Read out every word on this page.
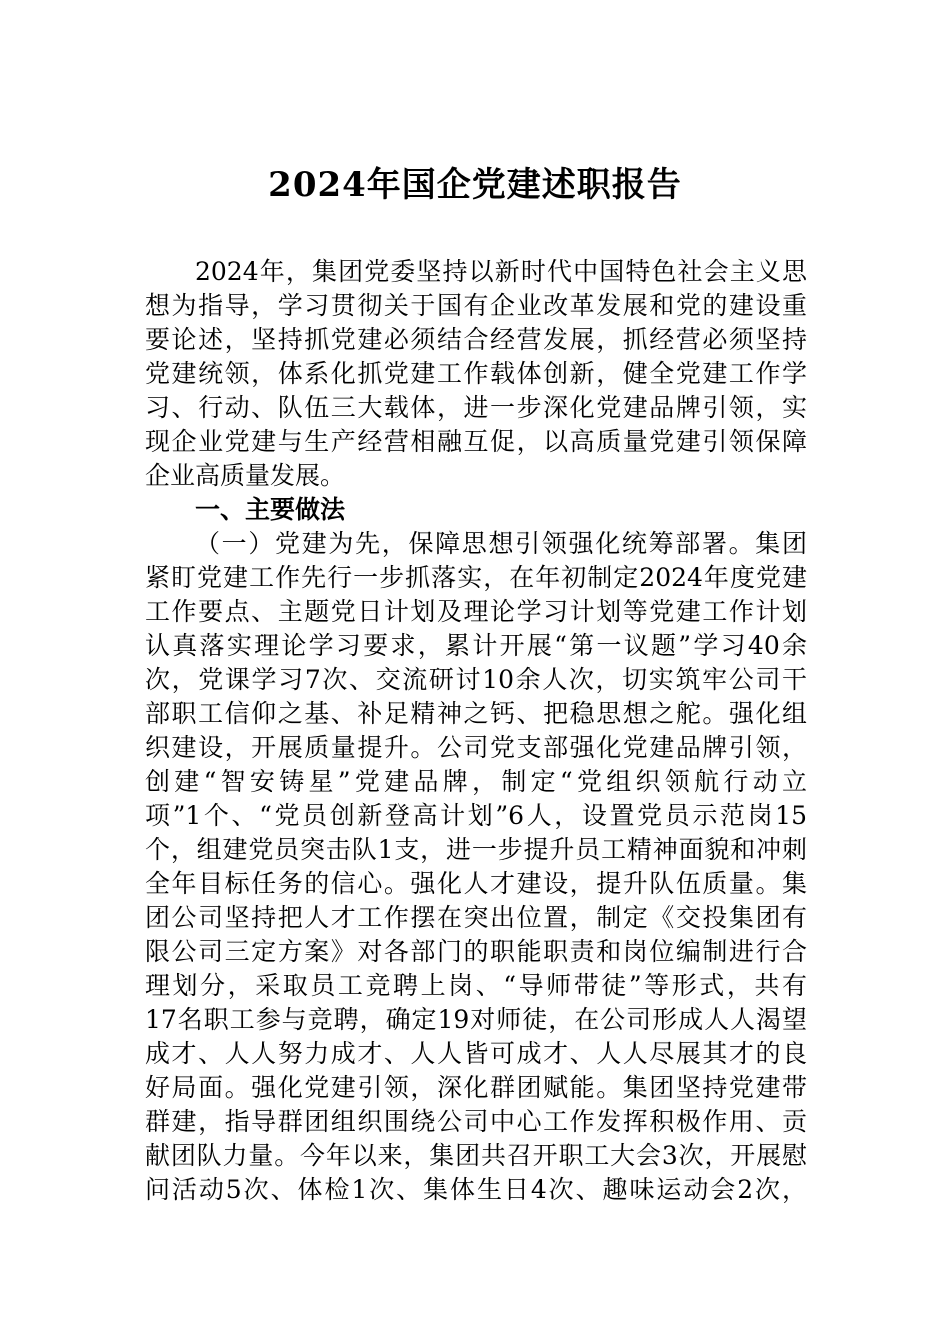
2024年国企党建述职报告
2024年，集团党委坚持以新时代中国特色社会主义思
想为指导，学习贯彻关于国有企业改革发展和党的建设重
要论述，坚持抓党建必须结合经营发展，抓经营必须坚持
党建统领，体系化抓党建工作载体创新，健全党建工作学
习、行动、队伍三大载体，进一步深化党建品牌引领，实
现企业党建与生产经营相融互促，以高质量党建引领保障
企业高质量发展。
一、主要做法
（一）党建为先，保障思想引领强化统筹部署。集团
紧盯党建工作先行一步抓落实，在年初制定2024年度党建
工作要点、主题党日计划及理论学习计划等党建工作计划
认真落实理论学习要求，累计开展“第一议题”学习40余
次，党课学习7次、交流研讨10余人次，切实筑牢公司干
部职工信仰之基、补足精神之钙、把稳思想之舵。强化组
织建设，开展质量提升。公司党支部强化党建品牌引领，
创建“智安铸星”党建品牌，制定“党组织领航行动立
项”1个、“党员创新登高计划”6人，设置党员示范岗15
个，组建党员突击队1支，进一步提升员工精神面貌和冲刺
全年目标任务的信心。强化人才建设，提升队伍质量。集
团公司坚持把人才工作摆在突出位置，制定《交投集团有
限公司三定方案》对各部门的职能职责和岗位编制进行合
理划分，采取员工竞聘上岗、“导师带徒”等形式，共有
17名职工参与竞聘，确定19对师徒，在公司形成人人渴望
成才、人人努力成才、人人皆可成才、人人尽展其才的良
好局面。强化党建引领，深化群团赋能。集团坚持党建带
群建，指导群团组织围绕公司中心工作发挥积极作用、贡
献团队力量。今年以来，集团共召开职工大会3次，开展慰
问活动5次、体检1次、集体生日4次、趣味运动会2次，
